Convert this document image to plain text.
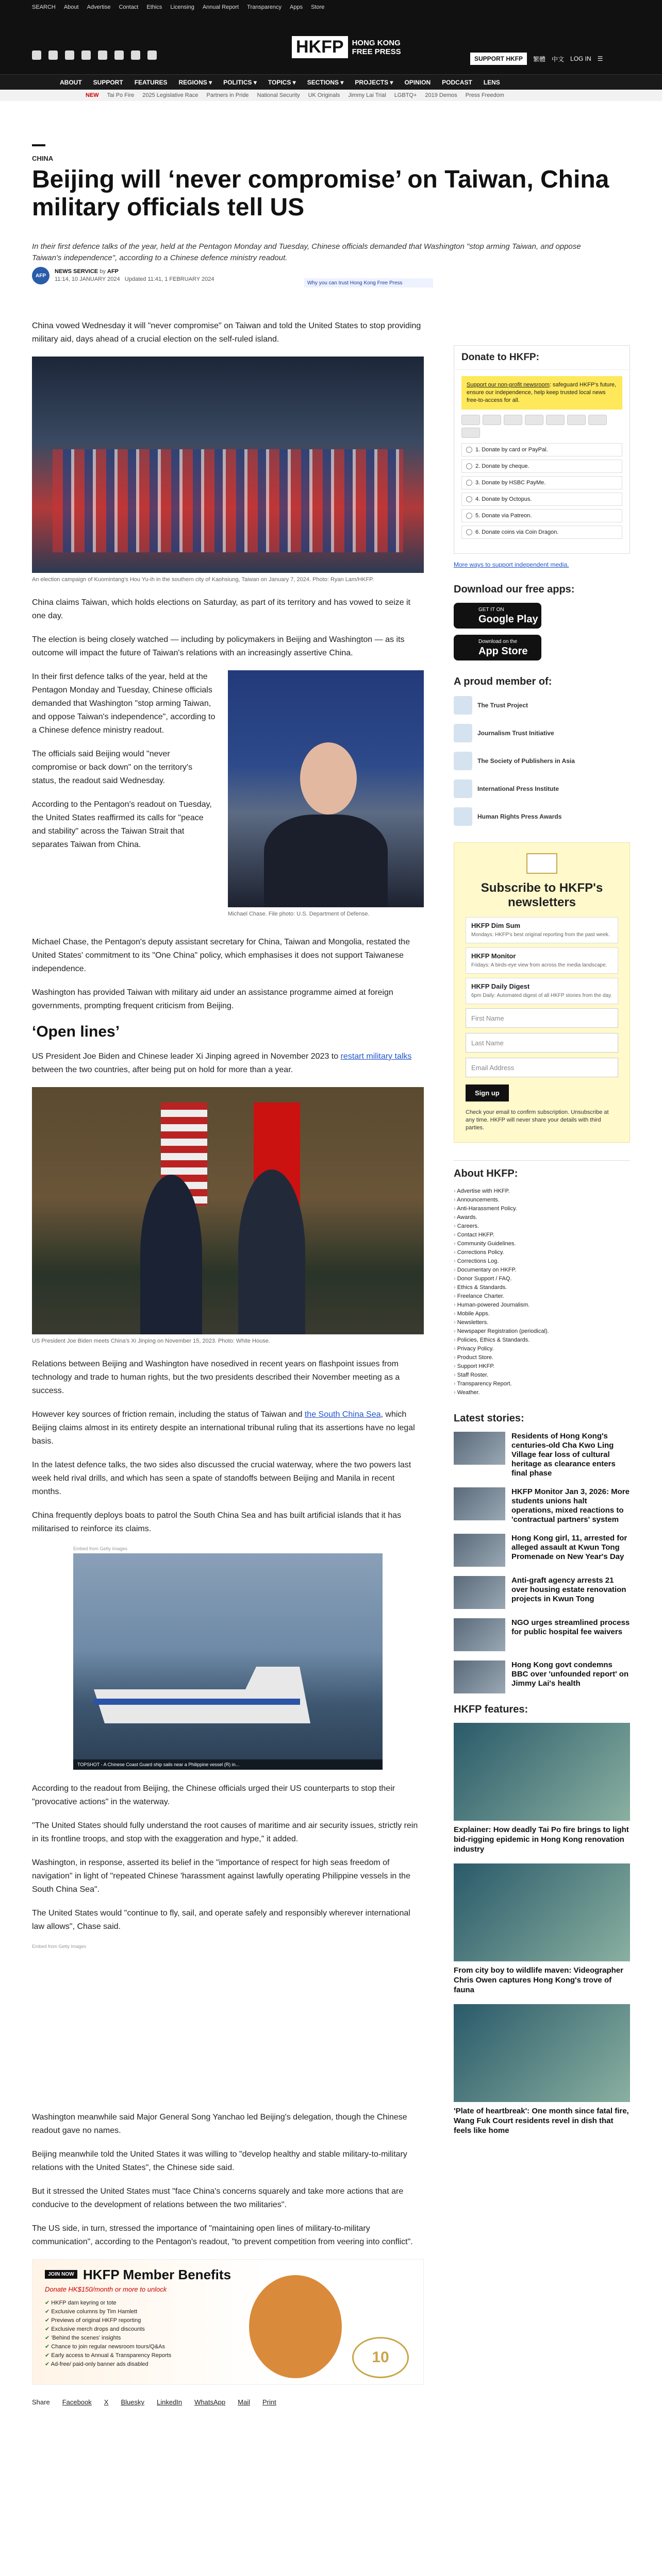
SEARCH About Advertise Contact Ethics Licensing Annual Report Transparency Apps Store
HKFP	HONG KONG
FREE PRESS
SUPPORT HKFP	繁體 中文 LOG IN ☰
ABOUT SUPPORT FEATURES REGIONS ▾ POLITICS ▾ TOPICS ▾ SECTIONS ▾ PROJECTS ▾ OPINION PODCAST LENS
NEW Tai Po Fire 2025 Legislative Race Partners in Pride National Security UK Originals Jimmy Lai Trial LGBTQ+ 2019 Demos Press Freedom
CHINA
Beijing will ‘never compromise’ on Taiwan, China military officials tell US
In their first defence talks of the year, held at the Pentagon Monday and Tuesday, Chinese officials demanded that Washington "stop arming Taiwan, and oppose Taiwan's independence", according to a Chinese defence ministry readout.
AFP
NEWS SERVICE by AFP
11:14, 10 JANUARY 2024 Updated 11:41, 1 FEBRUARY 2024
Why you can trust Hong Kong Free Press

China vowed Wednesday it will "never compromise" on Taiwan and told the United States to stop providing military aid, days ahead of a crucial election on the self-ruled island.

An election campaign of Kuomintang's Hou Yu-ih in the southern city of Kaohsiung, Taiwan on January 7, 2024. Photo: Ryan Lam/HKFP.

China claims Taiwan, which holds elections on Saturday, as part of its territory and has vowed to seize it one day.

The election is being closely watched — including by policymakers in Beijing and Washington — as its outcome will impact the future of Taiwan's relations with an increasingly assertive China.

Michael Chase. File photo: U.S. Department of Defense.

In their first defence talks of the year, held at the Pentagon Monday and Tuesday, Chinese officials demanded that Washington "stop arming Taiwan, and oppose Taiwan's independence", according to a Chinese defence ministry readout.

The officials said Beijing would "never compromise or back down" on the territory's status, the readout said Wednesday.

According to the Pentagon's readout on Tuesday, the United States reaffirmed its calls for "peace and stability" across the Taiwan Strait that separates Taiwan from China.

Michael Chase, the Pentagon's deputy assistant secretary for China, Taiwan and Mongolia, restated the United States' commitment to its "One China" policy, which emphasises it does not support Taiwanese independence.

Washington has provided Taiwan with military aid under an assistance programme aimed at foreign governments, prompting frequent criticism from Beijing.

‘Open lines’

US President Joe Biden and Chinese leader Xi Jinping agreed in November 2023 to restart military talks between the two countries, after being put on hold for more than a year.

US President Joe Biden meets China's Xi Jinping on November 15, 2023. Photo: White House.

Relations between Beijing and Washington have nosedived in recent years on flashpoint issues from technology and trade to human rights, but the two presidents described their November meeting as a success.

However key sources of friction remain, including the status of Taiwan and the South China Sea, which Beijing claims almost in its entirety despite an international tribunal ruling that its assertions have no legal basis.

In the latest defence talks, the two sides also discussed the crucial waterway, where the two powers last week held rival drills, and which has seen a spate of standoffs between Beijing and Manila in recent months.

China frequently deploys boats to patrol the South China Sea and has built artificial islands that it has militarised to reinforce its claims.

Embed from Getty Images
TOPSHOT - A Chinese Coast Guard ship sails near a Philippine vessel (R) in...

According to the readout from Beijing, the Chinese officials urged their US counterparts to stop their "provocative actions" in the waterway.

"The United States should fully understand the root causes of maritime and air security issues, strictly rein in its frontline troops, and stop with the exaggeration and hype," it added.

Washington, in response, asserted its belief in the "importance of respect for high seas freedom of navigation" in light of "repeated Chinese 'harassment against lawfully operating Philippine vessels in the South China Sea".

The United States would "continue to fly, sail, and operate safely and responsibly wherever international law allows", Chase said.

Embed from Getty Images

Washington meanwhile said Major General Song Yanchao led Beijing's delegation, though the Chinese readout gave no names.

Beijing meanwhile told the United States it was willing to "develop healthy and stable military-to-military relations with the United States", the Chinese side said.

But it stressed the United States must "face China's concerns squarely and take more actions that are conducive to the development of relations between the two militaries".

The US side, in turn, stressed the importance of "maintaining open lines of military-to-military communication", according to the Pentagon's readout, "to prevent competition from veering into conflict".

JOIN NOW HKFP Member Benefits
Donate HK$150/month or more to unlock
✔ HKFP dam keyring or tote
✔ Exclusive columns by Tim Hamlett
✔ Previews of original HKFP reporting
✔ Exclusive merch drops and discounts
✔ 'Behind the scenes' insights
✔ Chance to join regular newsroom tours/Q&As
✔ Early access to Annual & Transparency Reports
✔ Ad-free/ paid-only banner ads disabled	10
Share Facebook X Bluesky LinkedIn WhatsApp Mail Print
Donate to HKFP:
Support our non-profit newsroom: safeguard HKFP's future, ensure our independence, help keep trusted local news free-to-access for all.
1. Donate by card or PayPal.
2. Donate by cheque.
3. Donate by HSBC PayMe.
4. Donate by Octopus.
5. Donate via Patreon.
6. Donate coins via Coin Dragon.
More ways to support independent media.
Download our free apps:
GET IT ON
Google Play
Download on the
App Store
A proud member of:
The Trust Project
Journalism Trust Initiative
The Society of Publishers in Asia
International Press Institute
Human Rights Press Awards
Subscribe to HKFP's newsletters
HKFP Dim Sum
Mondays: HKFP's best original reporting from the past week.
HKFP Monitor
Fridays: A birds-eye view from across the media landscape.
HKFP Daily Digest
6pm Daily: Automated digest of all HKFP stories from the day.
First Name
Last Name
Email Address
Sign up
Check your email to confirm subscription. Unsubscribe at any time. HKFP will never share your details with third parties.
About HKFP:
› Advertise with HKFP.
› Announcements.
› Anti-Harassment Policy.
› Awards.
› Careers.
› Contact HKFP.
› Community Guidelines.
› Corrections Policy.
› Corrections Log.
› Documentary on HKFP.
› Donor Support / FAQ.
› Ethics & Standards.
› Freelance Charter.
› Human-powered Journalism.
› Mobile Apps.
› Newsletters.
› Newspaper Registration (periodical).
› Policies, Ethics & Standards.
› Privacy Policy.
› Product Store.
› Support HKFP.
› Staff Roster.
› Transparency Report.
› Weather.
Latest stories:
Residents of Hong Kong's centuries-old Cha Kwo Ling Village fear loss of cultural heritage as clearance enters final phase
HKFP Monitor Jan 3, 2026: More students unions halt operations, mixed reactions to 'contractual partners' system
Hong Kong girl, 11, arrested for alleged assault at Kwun Tong Promenade on New Year's Day
Anti-graft agency arrests 21 over housing estate renovation projects in Kwun Tong
NGO urges streamlined process for public hospital fee waivers
Hong Kong govt condemns BBC over 'unfounded report' on Jimmy Lai's health
HKFP features:
Explainer: How deadly Tai Po fire brings to light bid-rigging epidemic in Hong Kong renovation industry
From city boy to wildlife maven: Videographer Chris Owen captures Hong Kong's trove of fauna
'Plate of heartbreak': One month since fatal fire, Wang Fuk Court residents revel in dish that feels like home
